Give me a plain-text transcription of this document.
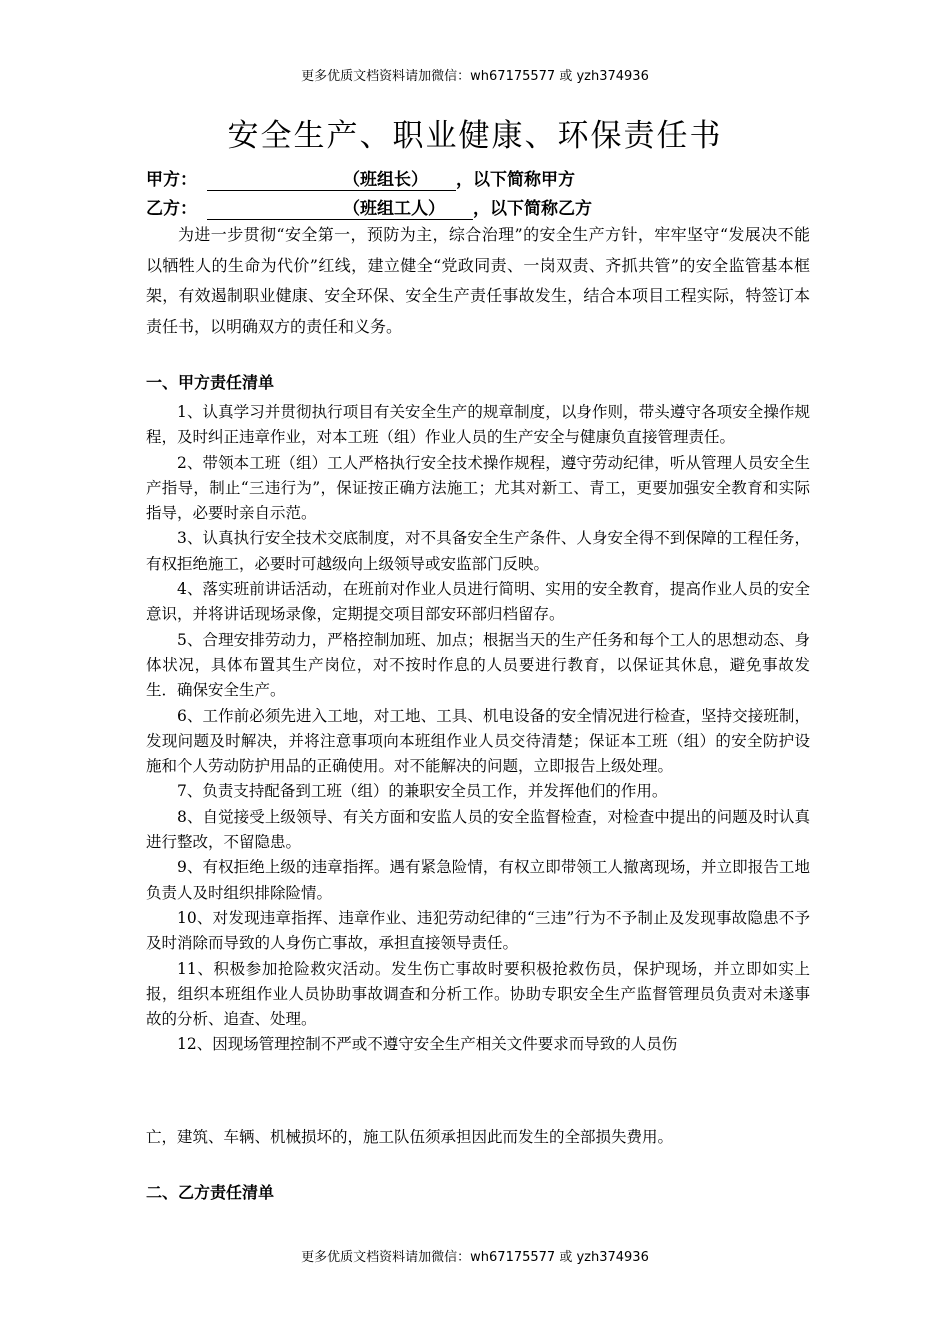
更多优质文档资料请加微信：wh67175577 或 yzh374936
安全生产、职业健康、环保责任书
甲方：	（班组长） ，以下简称甲方
乙方：	（班组工人） ，以下简称乙方

为进一步贯彻“安全第一，预防为主，综合治理”的安全生产方针，牢牢坚守“发展决不能以牺牲人的生命为代价”红线，建立健全“党政同责、一岗双责、齐抓共管”的安全监管基本框架，有效遏制职业健康、安全环保、安全生产责任事故发生，结合本项目工程实际，特签订本责任书，以明确双方的责任和义务。

一、甲方责任清单

1、认真学习并贯彻执行项目有关安全生产的规章制度，以身作则，带头遵守各项安全操作规程，及时纠正违章作业，对本工班（组）作业人员的生产安全与健康负直接管理责任。

2、带领本工班（组）工人严格执行安全技术操作规程，遵守劳动纪律，听从管理人员安全生产指导，制止“三违行为”，保证按正确方法施工；尤其对新工、青工，更要加强安全教育和实际指导，必要时亲自示范。

3、认真执行安全技术交底制度，对不具备安全生产条件、人身安全得不到保障的工程任务，有权拒绝施工，必要时可越级向上级领导或安监部门反映。

4、落实班前讲话活动，在班前对作业人员进行简明、实用的安全教育，提高作业人员的安全意识，并将讲话现场录像，定期提交项目部安环部归档留存。

5、合理安排劳动力，严格控制加班、加点；根据当天的生产任务和每个工人的思想动态、身体状况，具体布置其生产岗位，对不按时作息的人员要进行教育，以保证其休息，避免事故发生．确保安全生产。

6、工作前必须先进入工地，对工地、工具、机电设备的安全情况进行检查，坚持交接班制，发现问题及时解决，并将注意事项向本班组作业人员交待清楚；保证本工班（组）的安全防护设施和个人劳动防护用品的正确使用。对不能解决的问题，立即报告上级处理。

7、负责支持配备到工班（组）的兼职安全员工作，并发挥他们的作用。

8、自觉接受上级领导、有关方面和安监人员的安全监督检查，对检查中提出的问题及时认真进行整改，不留隐患。

9、有权拒绝上级的违章指挥。遇有紧急险情，有权立即带领工人撤离现场，并立即报告工地负责人及时组织排除险情。

10、对发现违章指挥、违章作业、违犯劳动纪律的“三违”行为不予制止及发现事故隐患不予及时消除而导致的人身伤亡事故，承担直接领导责任。

11、积极参加抢险救灾活动。发生伤亡事故时要积极抢救伤员，保护现场，并立即如实上报，组织本班组作业人员协助事故调查和分析工作。协助专职安全生产监督管理员负责对未遂事故的分析、追查、处理。

12、因现场管理控制不严或不遵守安全生产相关文件要求而导致的人员伤

亡，建筑、车辆、机械损坏的，施工队伍须承担因此而发生的全部损失费用。
二、乙方责任清单
更多优质文档资料请加微信：wh67175577 或 yzh374936
